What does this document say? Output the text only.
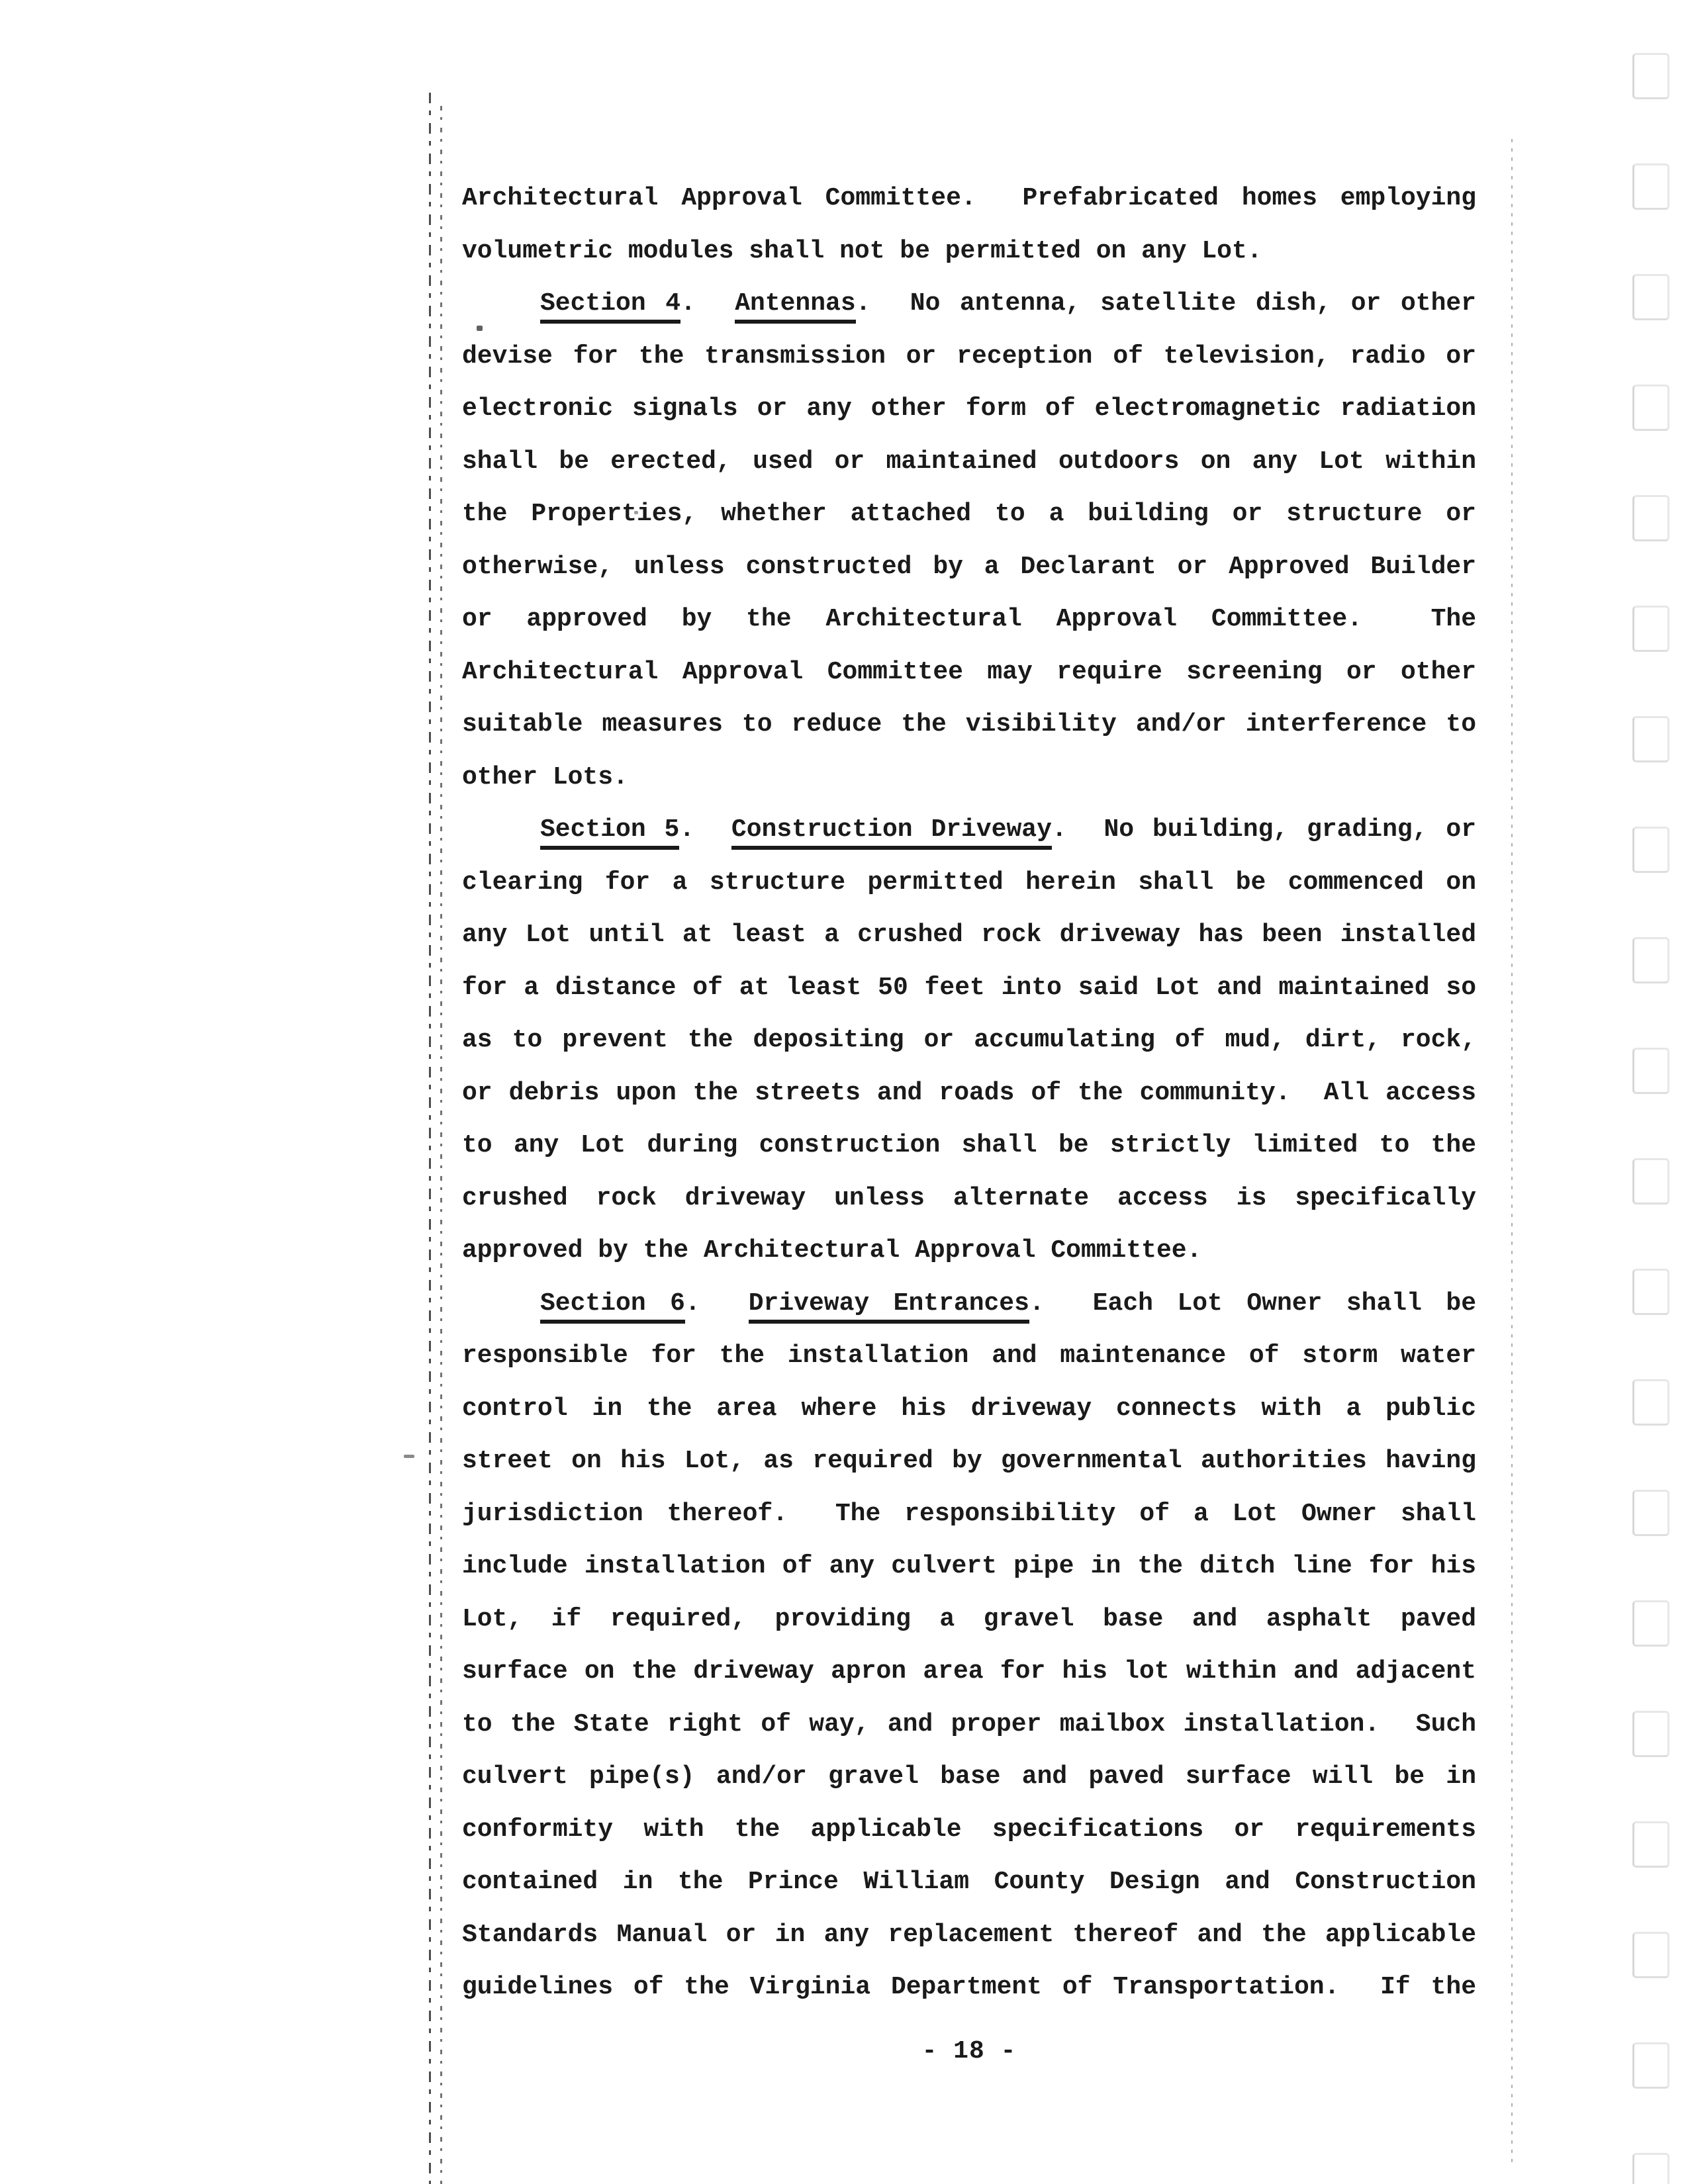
Architectural Approval Committee.  Prefabricated homes employing
volumetric modules shall not be permitted on any Lot.
Section 4.  Antennas.  No antenna, satellite dish, or other
devise for the transmission or reception of television, radio or
electronic signals or any other form of electromagnetic radiation
shall be erected, used or maintained outdoors on any Lot within
the Properties, whether attached to a building or structure or
otherwise, unless constructed by a Declarant or Approved Builder
or approved by the Architectural Approval Committee.  The
Architectural Approval Committee may require screening or other
suitable measures to reduce the visibility and/or interference to
other Lots.
Section 5.  Construction Driveway.  No building, grading, or
clearing for a structure permitted herein shall be commenced on
any Lot until at least a crushed rock driveway has been installed
for a distance of at least 50 feet into said Lot and maintained so
as to prevent the depositing or accumulating of mud, dirt, rock,
or debris upon the streets and roads of the community.  All access
to any Lot during construction shall be strictly limited to the
crushed rock driveway unless alternate access is specifically
approved by the Architectural Approval Committee.
Section 6.  Driveway Entrances.  Each Lot Owner shall be
responsible for the installation and maintenance of storm water
control in the area where his driveway connects with a public
street on his Lot, as required by governmental authorities having
jurisdiction thereof.  The responsibility of a Lot Owner shall
include installation of any culvert pipe in the ditch line for his
Lot, if required, providing a gravel base and asphalt paved
surface on the driveway apron area for his lot within and adjacent
to the State right of way, and proper mailbox installation.  Such
culvert pipe(s) and/or gravel base and paved surface will be in
conformity with the applicable specifications or requirements
contained in the Prince William County Design and Construction
Standards Manual or in any replacement thereof and the applicable
guidelines of the Virginia Department of Transportation.  If the
- 18 -
